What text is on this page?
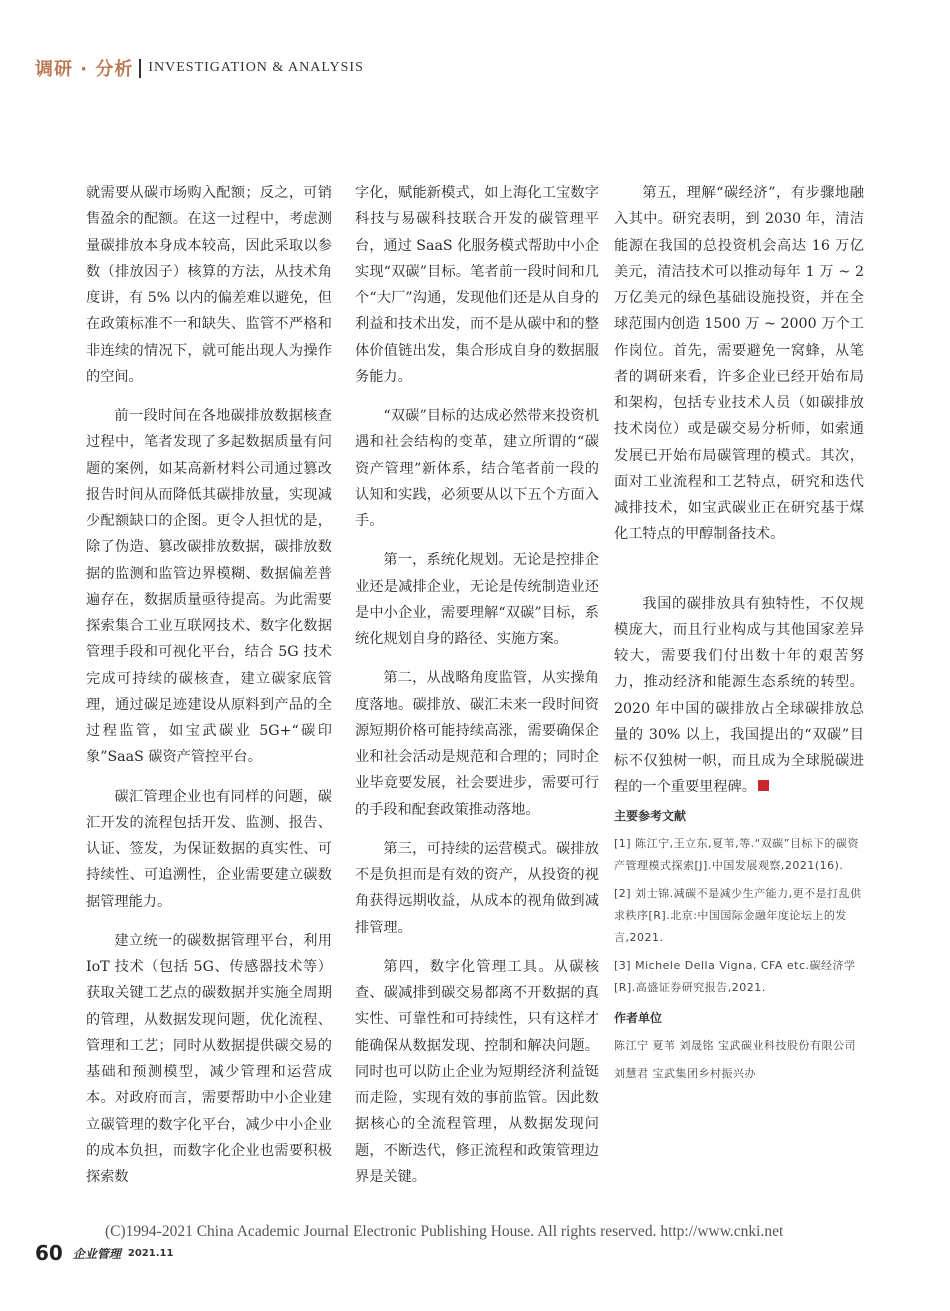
调研 · 分析 INVESTIGATION & ANALYSIS

就需要从碳市场购入配额；反之，可销售盈余的配额。在这一过程中，考虑测量碳排放本身成本较高，因此采取以参数（排放因子）核算的方法，从技术角度讲，有 5% 以内的偏差难以避免，但在政策标准不一和缺失、监管不严格和非连续的情况下，就可能出现人为操作的空间。

前一段时间在各地碳排放数据核查过程中，笔者发现了多起数据质量有问题的案例，如某高新材料公司通过篡改报告时间从而降低其碳排放量，实现减少配额缺口的企图。更令人担忧的是，除了伪造、篡改碳排放数据，碳排放数据的监测和监管边界模糊、数据偏差普遍存在，数据质量亟待提高。为此需要探索集合工业互联网技术、数字化数据管理手段和可视化平台，结合 5G 技术完成可持续的碳核查，建立碳家底管理，通过碳足迹建设从原料到产品的全过程监管，如宝武碳业 5G+“碳印象”SaaS 碳资产管控平台。

碳汇管理企业也有同样的问题，碳汇开发的流程包括开发、监测、报告、认证、签发，为保证数据的真实性、可持续性、可追溯性，企业需要建立碳数据管理能力。

建立统一的碳数据管理平台，利用 IoT 技术（包括 5G、传感器技术等）获取关键工艺点的碳数据并实施全周期的管理，从数据发现问题，优化流程、管理和工艺；同时从数据提供碳交易的基础和预测模型，减少管理和运营成本。对政府而言，需要帮助中小企业建立碳管理的数字化平台，减少中小企业的成本负担，而数字化企业也需要积极探索数

字化，赋能新模式，如上海化工宝数字科技与易碳科技联合开发的碳管理平台，通过 SaaS 化服务模式帮助中小企实现“双碳”目标。笔者前一段时间和几个“大厂”沟通，发现他们还是从自身的利益和技术出发，而不是从碳中和的整体价值链出发，集合形成自身的数据服务能力。

“双碳”目标的达成必然带来投资机遇和社会结构的变革，建立所谓的“碳资产管理”新体系，结合笔者前一段的认知和实践，必须要从以下五个方面入手。

第一，系统化规划。无论是控排企业还是减排企业，无论是传统制造业还是中小企业，需要理解“双碳”目标，系统化规划自身的路径、实施方案。

第二，从战略角度监管，从实操角度落地。碳排放、碳汇未来一段时间资源短期价格可能持续高涨，需要确保企业和社会活动是规范和合理的；同时企业毕竟要发展，社会要进步，需要可行的手段和配套政策推动落地。

第三，可持续的运营模式。碳排放不是负担而是有效的资产，从投资的视角获得远期收益，从成本的视角做到减排管理。

第四，数字化管理工具。从碳核查、碳减排到碳交易都离不开数据的真实性、可靠性和可持续性，只有这样才能确保从数据发现、控制和解决问题。同时也可以防止企业为短期经济利益铤而走险，实现有效的事前监管。因此数据核心的全流程管理，从数据发现问题，不断迭代，修正流程和政策管理边界是关键。

第五，理解“碳经济”，有步骤地融入其中。研究表明，到 2030 年，清洁能源在我国的总投资机会高达 16 万亿美元，清洁技术可以推动每年 1 万 ~ 2 万亿美元的绿色基础设施投资，并在全球范围内创造 1500 万 ~ 2000 万个工作岗位。首先，需要避免一窝蜂，从笔者的调研来看，许多企业已经开始布局和架构，包括专业技术人员（如碳排放技术岗位）或是碳交易分析师，如索通发展已开始布局碳管理的模式。其次，面对工业流程和工艺特点，研究和迭代减排技术，如宝武碳业正在研究基于煤化工特点的甲醇制备技术。

我国的碳排放具有独特性，不仅规模庞大，而且行业构成与其他国家差异较大，需要我们付出数十年的艰苦努力，推动经济和能源生态系统的转型。2020 年中国的碳排放占全球碳排放总量的 30% 以上，我国提出的“双碳”目标不仅独树一帜，而且成为全球脱碳进程的一个重要里程碑。

主要参考文献

[1] 陈江宁,王立东,夏苇,等.“双碳”目标下的碳资产管理模式探索[J].中国发展观察,2021(16).

[2] 刘士锦.减碳不是减少生产能力,更不是打乱供求秩序[R].北京:中国国际金融年度论坛上的发言,2021.

[3] Michele Della Vigna, CFA etc.碳经济学[R].高盛证券研究报告,2021.

作者单位

陈江宁 夏苇 刘晟铭 宝武碳业科技股份有限公司

刘慧君 宝武集团乡村振兴办

(C)1994-2021 China Academic Journal Electronic Publishing House. All rights reserved. http://www.cnki.net
60 企业管理 2021.11
